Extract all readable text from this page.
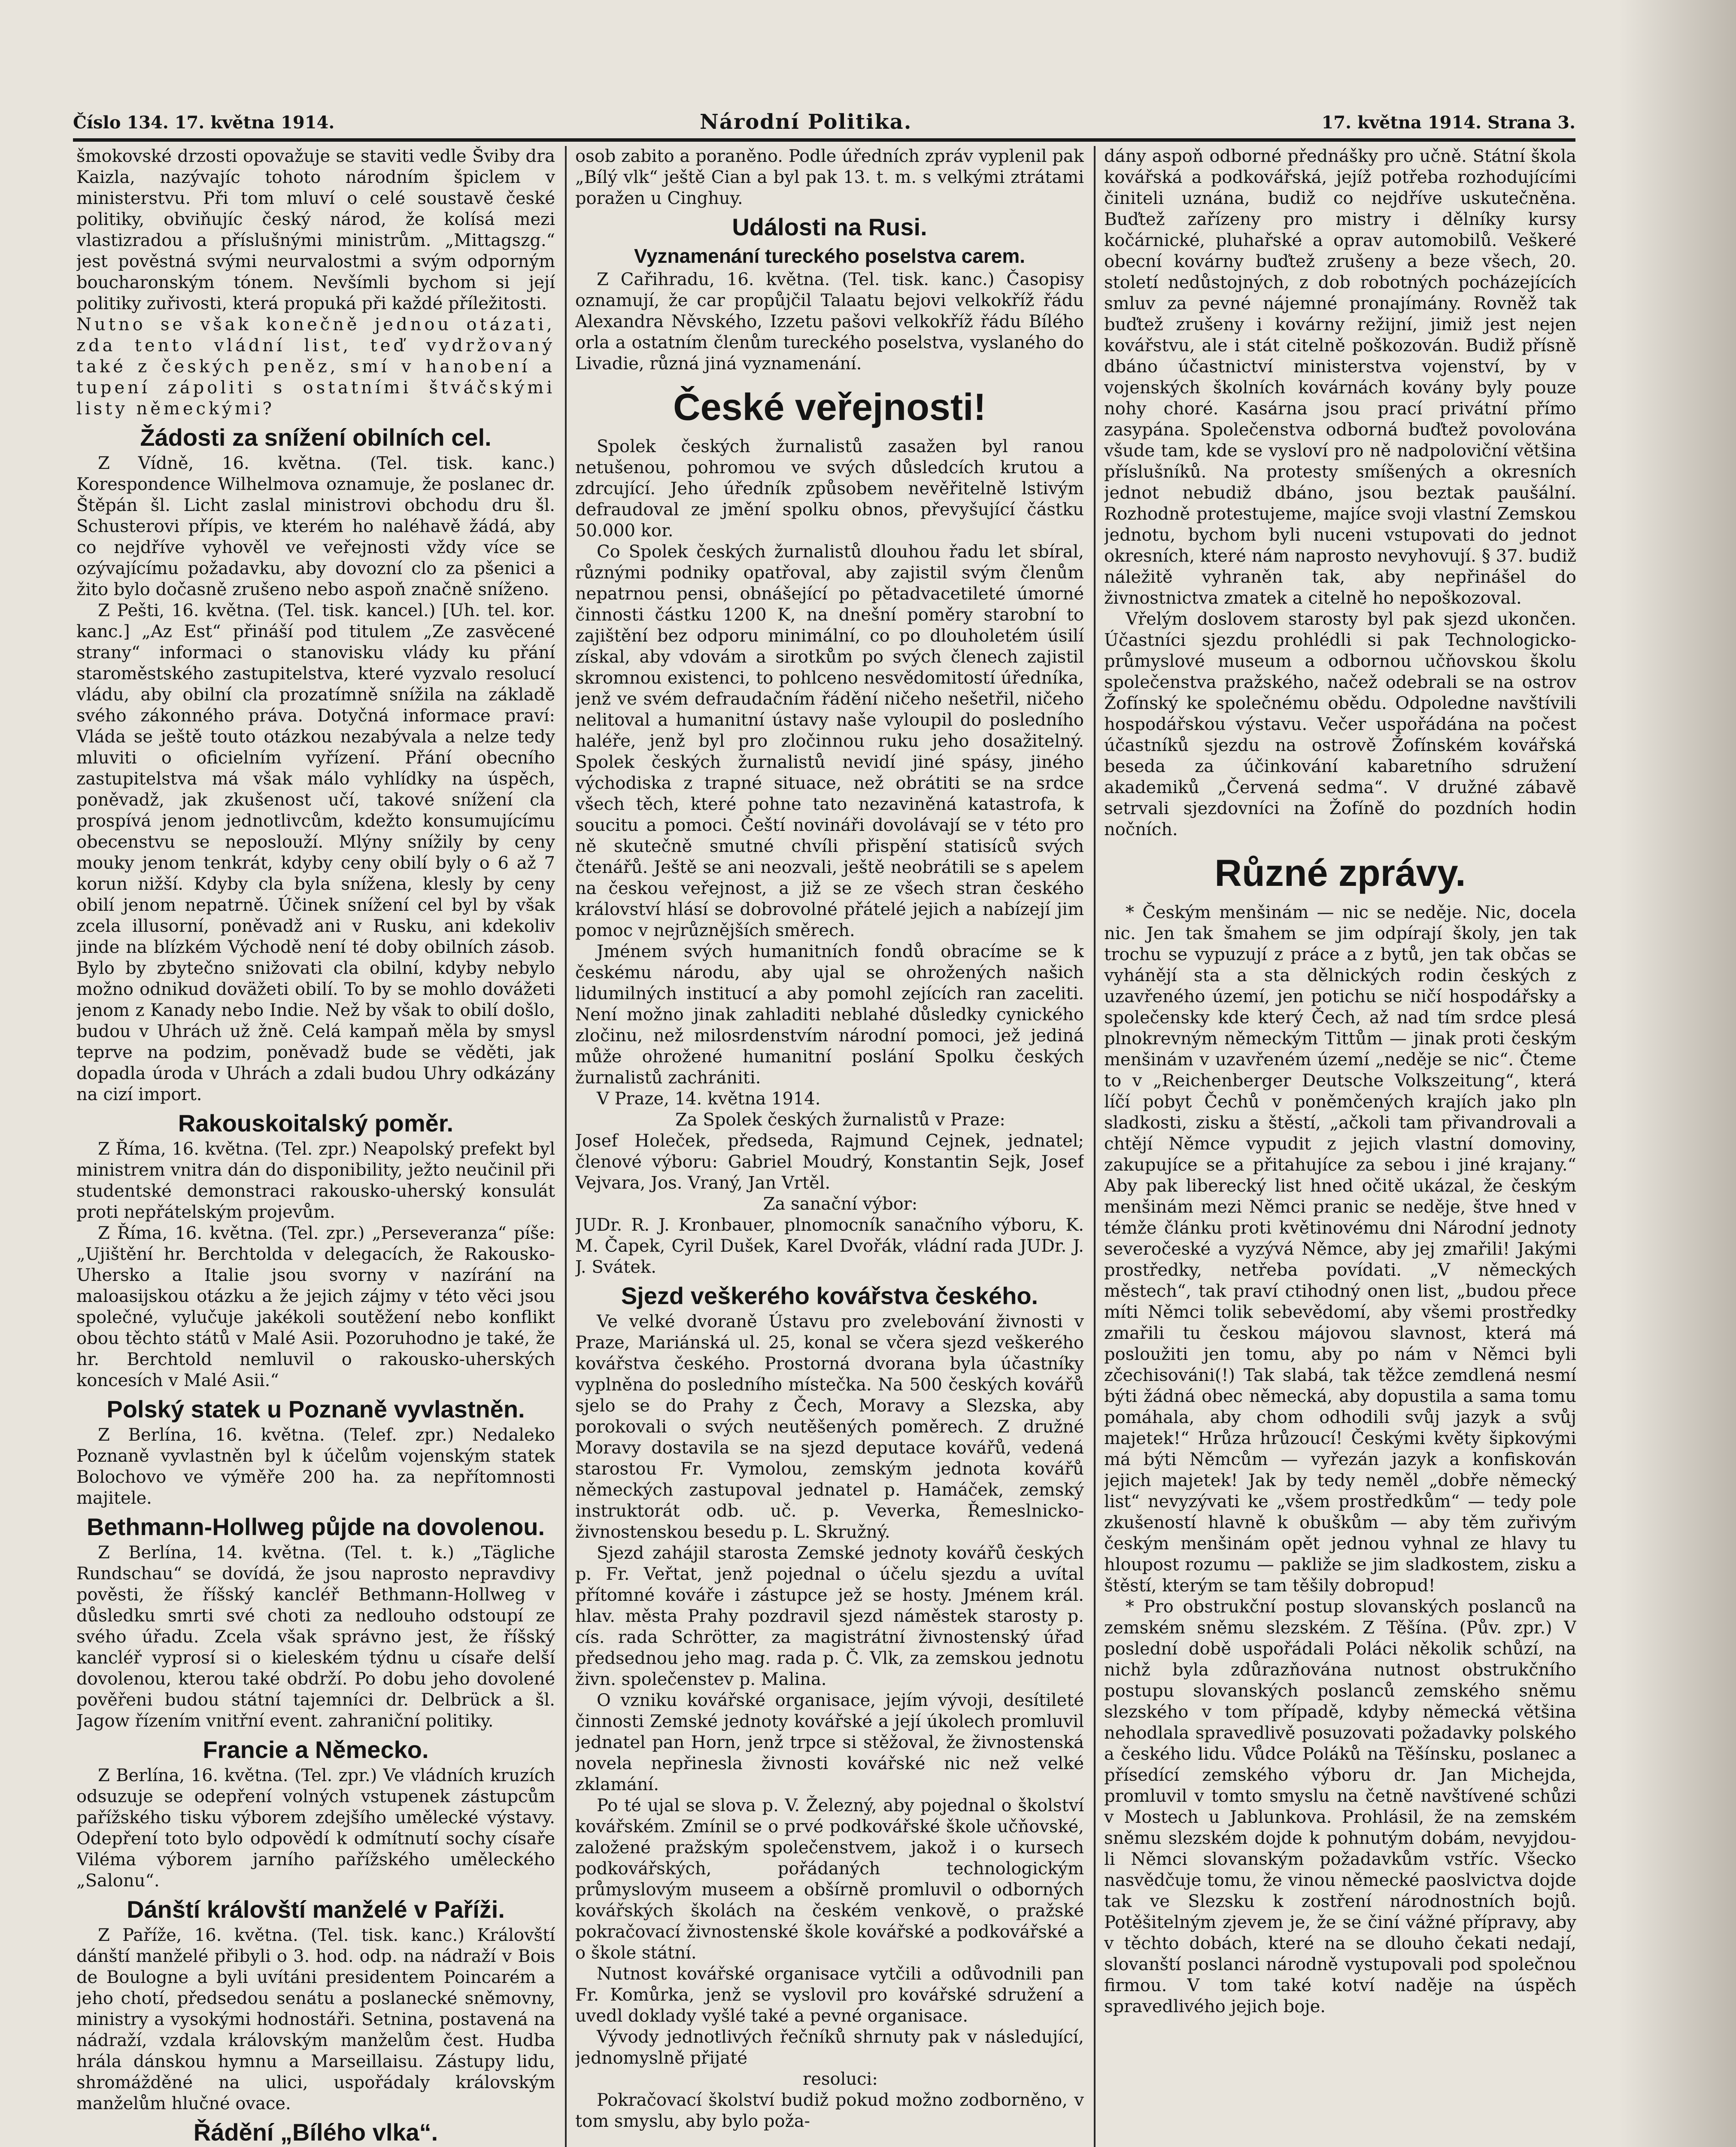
Číslo 134. 17. května 1914.	Národní Politika.	17. května 1914. Strana 3.

šmokovské drzosti opovažuje se staviti vedle Šviby dra Kaizla, nazývajíc tohoto národním špiclem v ministerstvu. Při tom mluví o celé soustavě české politiky, obviňujíc český národ, že kolísá mezi vlastizradou a příslušnými ministrům. „Mittagszg.“ jest pověstná svými neurvalostmi a svým odporným boucharonským tónem. Nevšímli bychom si její politiky zuřivosti, která propuká při každé příležitosti.

Nutno se však konečně jednou otázati, zda tento vládní list, teď vydržovaný také z českých peněz, smí v hanobení a tupení zápoliti s ostatními štváčskými listy německými?

Žádosti za snížení obilních cel.

Z Vídně, 16. května. (Tel. tisk. kanc.) Korespondence Wilhelmova oznamuje, že poslanec dr. Štěpán šl. Licht zaslal ministrovi obchodu dru šl. Schusterovi přípis, ve kterém ho naléhavě žádá, aby co nejdříve vyhověl ve veřejnosti vždy více se ozývajícímu požadavku, aby dovozní clo za pšenici a žito bylo dočasně zrušeno nebo aspoň značně sníženo.

Z Pešti, 16. května. (Tel. tisk. kancel.) [Uh. tel. kor. kanc.] „Az Est“ přináší pod titulem „Ze zasvěcené strany“ informaci o stanovisku vlády ku přání staroměstského zastupitelstva, které vyzvalo resolucí vládu, aby obilní cla prozatímně snížila na základě svého zákonného práva. Dotyčná informace praví: Vláda se ještě touto otázkou nezabývala a nelze tedy mluviti o oficielním vyřízení. Přání obecního zastupitelstva má však málo vyhlídky na úspěch, poněvadž, jak zkušenost učí, takové snížení cla prospívá jenom jednotlivcům, kdežto konsumujícímu obecenstvu se neposlouží. Mlýny snížily by ceny mouky jenom tenkrát, kdyby ceny obilí byly o 6 až 7 korun nižší. Kdyby cla byla snížena, klesly by ceny obilí jenom nepatrně. Účinek snížení cel byl by však zcela illusorní, poněvadž ani v Rusku, ani kdekoliv jinde na blízkém Východě není té doby obilních zásob. Bylo by zbytečno snižovati cla obilní, kdyby nebylo možno odnikud doväžeti obilí. To by se mohlo dovážeti jenom z Kanady nebo Indie. Než by však to obilí došlo, budou v Uhrách už žně. Celá kampaň měla by smysl teprve na podzim, poněvadž bude se věděti, jak dopadla úroda v Uhrách a zdali budou Uhry odkázány na cizí import.

Rakouskoitalský poměr.

Z Říma, 16. května. (Tel. zpr.) Neapolský prefekt byl ministrem vnitra dán do disponibility, ježto neučinil při studentské demonstraci rakousko-uherský konsulát proti nepřátelským projevům.

Z Říma, 16. května. (Tel. zpr.) „Perseveranza“ píše: „Ujištění hr. Berchtolda v delegacích, že Rakousko-Uhersko a Italie jsou svorny v nazírání na maloasijskou otázku a že jejich zájmy v této věci jsou společné, vylučuje jakékoli soutěžení nebo konflikt obou těchto států v Malé Asii. Pozoruhodno je také, že hr. Berchtold nemluvil o rakousko-uherských koncesích v Malé Asii.“

Polský statek u Poznaně vyvlastněn.

Z Berlína, 16. května. (Telef. zpr.) Nedaleko Poznaně vyvlastněn byl k účelům vojenským statek Bolochovo ve výměře 200 ha. za nepřítomnosti majitele.

Bethmann-Hollweg půjde na dovolenou.

Z Berlína, 14. května. (Tel. t. k.) „Tägliche Rundschau“ se dovídá, že jsou naprosto nepravdivy pověsti, že říšský kancléř Bethmann-Hollweg v důsledku smrti své choti za nedlouho odstoupí ze svého úřadu. Zcela však správno jest, že říšský kancléř vyprosí si o kieleském týdnu u císaře delší dovolenou, kterou také obdrží. Po dobu jeho dovolené pověřeni budou státní tajemníci dr. Delbrück a šl. Jagow řízením vnitřní event. zahraniční politiky.

Francie a Německo.

Z Berlína, 16. května. (Tel. zpr.) Ve vládních kruzích odsuzuje se odepření volných vstupenek zástupcům pařížského tisku výborem zdejšího umělecké výstavy. Odepření toto bylo odpovědí k odmítnutí sochy císaře Viléma výborem jarního pařížského uměleckého „Salonu“.

Dánští královští manželé v Paříži.

Z Paříže, 16. května. (Tel. tisk. kanc.) Královští dánští manželé přibyli o 3. hod. odp. na nádraží v Bois de Boulogne a byli uvítáni presidentem Poincarém a jeho chotí, předsedou senátu a poslanecké sněmovny, ministry a vysokými hodnostáři. Setnina, postavená na nádraží, vzdala královským manželům čest. Hudba hrála dánskou hymnu a Marseillaisu. Zástupy lidu, shromážděné na ulici, uspořádaly královským manželům hlučné ovace.

Řádění „Bílého vlka“.

osob zabito a poraněno. Podle úředních zpráv vyplenil pak „Bílý vlk“ ještě Cian a byl pak 13. t. m. s velkými ztrátami poražen u Cinghuy.

Události na Rusi.
Vyznamenání tureckého poselstva carem.

Z Cařihradu, 16. května. (Tel. tisk. kanc.) Časopisy oznamují, že car propůjčil Talaatu bejovi velkokříž řádu Alexandra Něvského, Izzetu pašovi velkokříž řádu Bílého orla a ostatním členům tureckého poselstva, vyslaného do Livadie, různá jiná vyznamenání.

České veřejnosti!

Spolek českých žurnalistů zasažen byl ranou netušenou, pohromou ve svých důsledcích krutou a zdrcující. Jeho úředník způsobem nevěřitelně lstivým defraudoval ze jmění spolku obnos, převyšující částku 50.000 kor.

Co Spolek českých žurnalistů dlouhou řadu let sbíral, různými podniky opatřoval, aby zajistil svým členům nepatrnou pensi, obnášející po pětadvacetileté úmorné činnosti částku 1200 K, na dnešní poměry starobní to zajištění bez odporu minimální, co po dlouholetém úsilí získal, aby vdovám a sirotkům po svých členech zajistil skromnou existenci, to pohlceno nesvědomitostí úředníka, jenž ve svém defraudačním řádění ničeho nešetřil, ničeho nelitoval a humanitní ústavy naše vyloupil do posledního haléře, jenž byl pro zločinnou ruku jeho dosažitelný. Spolek českých žurnalistů nevidí jiné spásy, jiného východiska z trapné situace, než obrátiti se na srdce všech těch, které pohne tato nezaviněná katastrofa, k soucitu a pomoci. Čeští novináři dovolávají se v této pro ně skutečně smutné chvíli přispění statisíců svých čtenářů. Ještě se ani neozvali, ještě neobrátili se s apelem na českou veřejnost, a již se ze všech stran českého království hlásí se dobrovolné přátelé jejich a nabízejí jim pomoc v nejrůznějších směrech.

Jménem svých humanitních fondů obracíme se k českému národu, aby ujal se ohrožených našich lidumilných institucí a aby pomohl zejících ran zaceliti. Není možno jinak zahladiti neblahé důsledky cynického zločinu, než milosrdenstvím národní pomoci, jež jediná může ohrožené humanitní poslání Spolku českých žurnalistů zachrániti.

V Praze, 14. května 1914.

Za Spolek českých žurnalistů v Praze:

Josef Holeček, předseda, Rajmund Cejnek, jednatel; členové výboru: Gabriel Moudrý, Konstantin Sejk, Josef Vejvara, Jos. Vraný, Jan Vrtěl.

Za sanační výbor:

JUDr. R. J. Kronbauer, plnomocník sanačního výboru, K. M. Čapek, Cyril Dušek, Karel Dvořák, vládní rada JUDr. J. J. Svátek.

Sjezd veškerého kovářstva českého.

Ve velké dvoraně Ústavu pro zvelebování živnosti v Praze, Mariánská ul. 25, konal se včera sjezd veškerého kovářstva českého. Prostorná dvorana byla účastníky vyplněna do posledního místečka. Na 500 českých kovářů sjelo se do Prahy z Čech, Moravy a Slezska, aby porokovali o svých neutěšených poměrech. Z družné Moravy dostavila se na sjezd deputace kovářů, vedená starostou Fr. Vymolou, zemským jednota kovářů německých zastupoval jednatel p. Hamáček, zemský instruktorát odb. uč. p. Veverka, Řemeslnicko-živnostenskou besedu p. L. Skružný.

Sjezd zahájil starosta Zemské jednoty kovářů českých p. Fr. Veřtat, jenž pojednal o účelu sjezdu a uvítal přítomné kováře i zástupce jež se hosty. Jménem král. hlav. města Prahy pozdravil sjezd náměstek starosty p. cís. rada Schrötter, za magistrátní živnostenský úřad předsednou jeho mag. rada p. Č. Vlk, za zemskou jednotu živn. společenstev p. Malina.

O vzniku kovářské organisace, jejím vývoji, desítileté činnosti Zemské jednoty kovářské a její úkolech promluvil jednatel pan Horn, jenž trpce si stěžoval, že živnostenská novela nepřinesla živnosti kovářské nic než velké zklamání.

Po té ujal se slova p. V. Železný, aby pojednal o školství kovářském. Zmínil se o prvé podkovářské škole učňovské, založené pražským společenstvem, jakož i o kursech podkovářských, pořádaných technologickým průmyslovým museem a obšírně promluvil o odborných kovářských školách na českém venkově, o pražské pokračovací živnostenské škole kovářské a podkovářské a o škole státní.

Nutnost kovářské organisace vytčili a odůvodnili pan Fr. Komůrka, jenž se vyslovil pro kovářské sdružení a uvedl doklady vyšlé také a pevné organisace.

Vývody jednotlivých řečníků shrnuty pak v následující, jednomyslně přijaté

resoluci:

Pokračovací školství budiž pokud možno zodborněno, v tom smyslu, aby bylo poža-

dány aspoň odborné přednášky pro učně. Státní škola kovářská a podkovářská, jejíž potřeba rozhodujícími činiteli uznána, budiž co nejdříve uskutečněna. Buďtež zařízeny pro mistry i dělníky kursy kočárnické, pluhařské a oprav automobilů. Veškeré obecní kovárny buďtež zrušeny a beze všech, 20. století nedůstojných, z dob robotných pocházejících smluv za pevné nájemné pronajímány. Rovněž tak buďtež zrušeny i kovárny režijní, jimiž jest nejen kovářstvu, ale i stát citelně poškozován. Budiž přísně dbáno účastnictví ministerstva vojenství, by v vojenských školních kovárnách kovány byly pouze nohy choré. Kasárna jsou prací privátní přímo zasypána. Společenstva odborná buďtež povolována všude tam, kde se vysloví pro ně nadpoloviční většina příslušníků. Na protesty smíšených a okresních jednot nebudiž dbáno, jsou beztak paušální. Rozhodně protestujeme, majíce svoji vlastní Zemskou jednotu, bychom byli nuceni vstupovati do jednot okresních, které nám naprosto nevyhovují. § 37. budiž náležitě vyhraněn tak, aby nepřinášel do živnostnictva zmatek a citelně ho nepoškozoval.

Vřelým doslovem starosty byl pak sjezd ukončen. Účastníci sjezdu prohlédli si pak Technologicko-průmyslové museum a odbornou učňovskou školu společenstva pražského, načež odebrali se na ostrov Žofínský ke společnému obědu. Odpoledne navštívili hospodářskou výstavu. Večer uspořádána na počest účastníků sjezdu na ostrově Žofínském kovářská beseda za účinkování kabaretního sdružení akademiků „Červená sedma“. V družné zábavě setrvali sjezdovníci na Žofíně do pozdních hodin nočních.

Různé zprávy.

* Českým menšinám — nic se neděje. Nic, docela nic. Jen tak šmahem se jim odpírají školy, jen tak trochu se vypuzují z práce a z bytů, jen tak občas se vyhánějí sta a sta dělnických rodin českých z uzavřeného území, jen potichu se ničí hospodářsky a společensky kde který Čech, až nad tím srdce plesá plnokrevným německým Tittům — jinak proti českým menšinám v uzavřeném území „neděje se nic“. Čteme to v „Reichenberger Deutsche Volkszeitung“, která líčí pobyt Čechů v poněmčených krajích jako pln sladkosti, zisku a štěstí, „ačkoli tam přivandrovali a chtějí Němce vypudit z jejich vlastní domoviny, zakupujíce se a přitahujíce za sebou i jiné krajany.“ Aby pak liberecký list hned očitě ukázal, že českým menšinám mezi Němci pranic se neděje, štve hned v témže článku proti květinovému dni Národní jednoty severočeské a vyzývá Němce, aby jej zmařili! Jakými prostředky, netřeba povídati. „V německých městech“, tak praví ctihodný onen list, „budou přece míti Němci tolik sebevědomí, aby všemi prostředky zmařili tu českou májovou slavnost, která má posloužiti jen tomu, aby po nám v Němci byli zčechisováni(!) Tak slabá, tak těžce zemdlená nesmí býti žádná obec německá, aby dopustila a sama tomu pomáhala, aby chom odhodili svůj jazyk a svůj majetek!“ Hrůza hrůzoucí! Českými květy šipkovými má býti Němcům — vyřezán jazyk a konfiskován jejich majetek! Jak by tedy neměl „dobře německý list“ nevyzývati ke „všem prostředkům“ — tedy pole zkušeností hlavně k obuškům — aby těm zuřivým českým menšinám opět jednou vyhnal ze hlavy tu hloupost rozumu — pakliže se jim sladkostem, zisku a štěstí, kterým se tam těšily dobropud!

* Pro obstrukční postup slovanských poslanců na zemském sněmu slezském. Z Těšína. (Pův. zpr.) V poslední době uspořádali Poláci několik schůzí, na nichž byla zdůrazňována nutnost obstrukčního postupu slovanských poslanců zemského sněmu slezského v tom případě, kdyby německá většina nehodlala spravedlivě posuzovati požadavky polského a českého lidu. Vůdce Poláků na Těšínsku, poslanec a přísedící zemského výboru dr. Jan Michejda, promluvil v tomto smyslu na četně navštívené schůzi v Mostech u Jablunkova. Prohlásil, že na zemském sněmu slezském dojde k pohnutým dobám, nevyjdou-li Němci slovanským požadavkům vstříc. Všecko nasvědčuje tomu, že vinou německé paoslvictva dojde tak ve Slezsku k zostření národnostních bojů. Potěšitelným zjevem je, že se činí vážné přípravy, aby v těchto dobách, které na se dlouho čekati nedají, slovanští poslanci národně vystupovali pod společnou firmou. V tom také kotví naděje na úspěch spravedlivého jejich boje.
